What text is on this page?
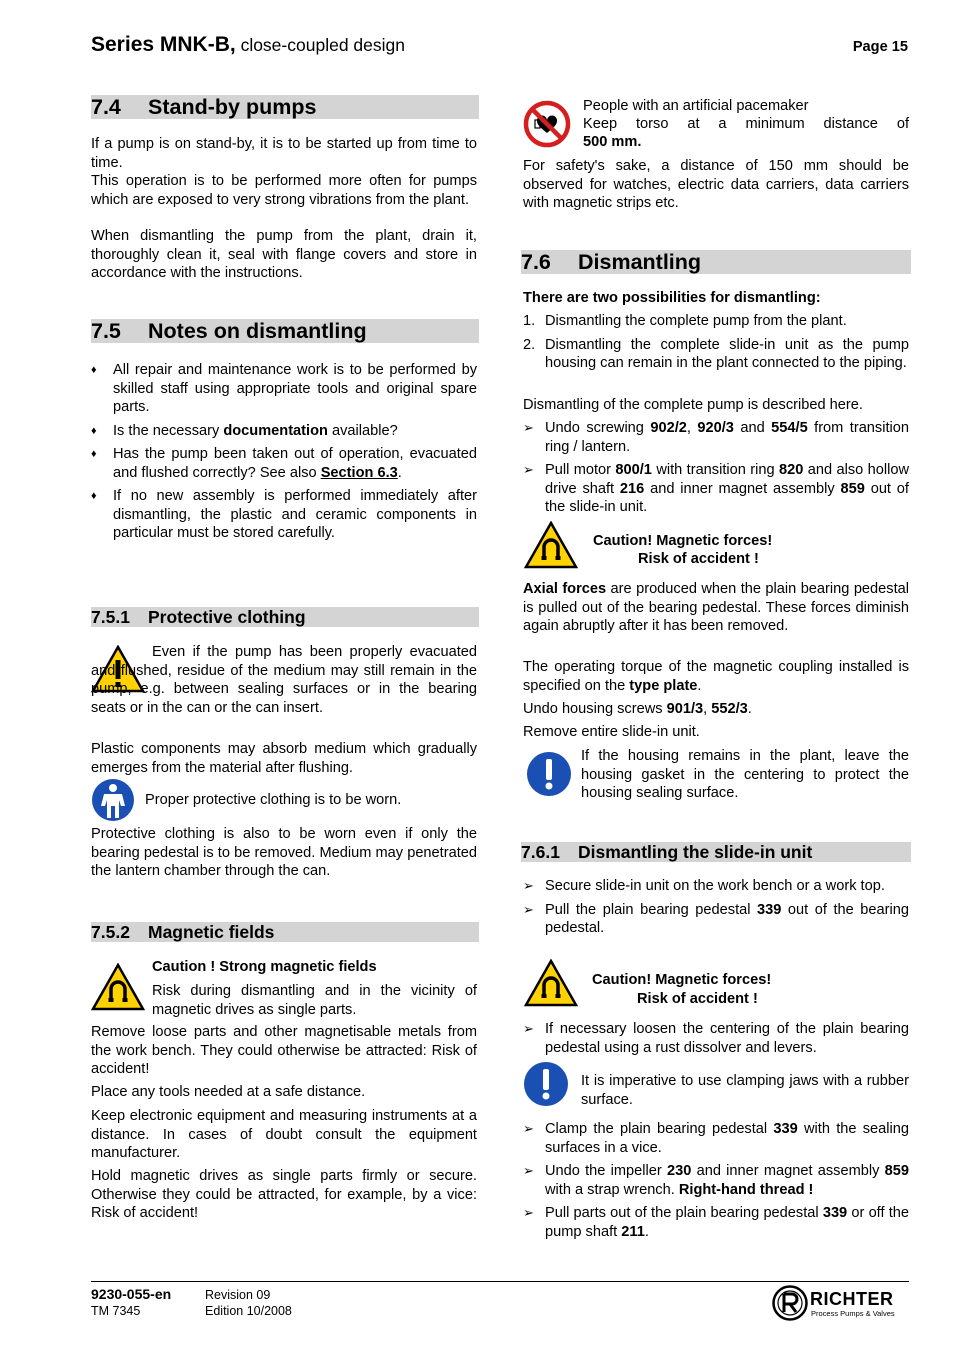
Series MNK-B, close-coupled design	Page 15
7.4 Stand-by pumps

If a pump is on stand-by, it is to be started up from time to time.

This operation is to be performed more often for pumps which are exposed to very strong vibrations from the plant.

When dismantling the pump from the plant, drain it, thoroughly clean it, seal with flange covers and store in accordance with the instructions.

7.5 Notes on dismantling
♦ All repair and maintenance work is to be performed by skilled staff using appropriate tools and original spare parts.
♦ Is the necessary documentation available?
♦ Has the pump been taken out of operation, evacuated and flushed correctly? See also Section 6.3.
♦ If no new assembly is performed immediately after dismantling, the plastic and ceramic components in particular must be stored carefully.
7.5.1 Protective clothing

Even if the pump has been properly evacuated and flushed, residue of the medium may still remain in the pump, e.g. between sealing surfaces or in the bearing seats or in the can or the can insert.

Plastic components may absorb medium which gradually emerges from the material after flushing.

Proper protective clothing is to be worn.

Protective clothing is also to be worn even if only the bearing pedestal is to be removed. Medium may penetrated the lantern chamber through the can.

7.5.2 Magnetic fields

Caution ! Strong magnetic fields

Risk during dismantling and in the vicinity of magnetic drives as single parts.

Remove loose parts and other magnetisable metals from the work bench. They could otherwise be attracted: Risk of accident!

Place any tools needed at a safe distance.

Keep electronic equipment and measuring instruments at a distance. In cases of doubt consult the equipment manufacturer.

Hold magnetic drives as single parts firmly or secure. Otherwise they could be attracted, for example, by a vice: Risk of accident!

People with an artificial pacemaker

Keep torso at a minimum distance of

500 mm.

For safety's sake, a distance of 150 mm should be observed for watches, electric data carriers, data carriers with magnetic strips etc.

7.6 Dismantling

There are two possibilities for dismantling:

1. Dismantling the complete pump from the plant.
2. Dismantling the complete slide-in unit as the pump housing can remain in the plant connected to the piping.

Dismantling of the complete pump is described here.

➢ Undo screwing 902/2, 920/3 and 554/5 from transition ring / lantern.
➢ Pull motor 800/1 with transition ring 820 and also hollow drive shaft 216 and inner magnet assembly 859 out of the slide-in unit.

Caution! Magnetic forces!

Risk of accident !

Axial forces are produced when the plain bearing pedestal is pulled out of the bearing pedestal. These forces diminish again abruptly after it has been removed.

The operating torque of the magnetic coupling installed is specified on the type plate.

Undo housing screws 901/3, 552/3.

Remove entire slide-in unit.

If the housing remains in the plant, leave the housing gasket in the centering to protect the housing sealing surface.

7.6.1 Dismantling the slide-in unit
➢ Secure slide-in unit on the work bench or a work top.
➢ Pull the plain bearing pedestal 339 out of the bearing pedestal.

Caution! Magnetic forces!

Risk of accident !

➢ If necessary loosen the centering of the plain bearing pedestal using a rust dissolver and levers.

It is imperative to use clamping jaws with a rubber surface.

➢ Clamp the plain bearing pedestal 339 with the sealing surfaces in a vice.
➢ Undo the impeller 230 and inner magnet assembly 859 with a strap wrench. Right-hand thread !
➢ Pull parts out of the plain bearing pedestal 339 or off the pump shaft 211.
9230-055-en
TM 7345
Revision 09
Edition 10/2008
RICHTER
Process Pumps & Valves
